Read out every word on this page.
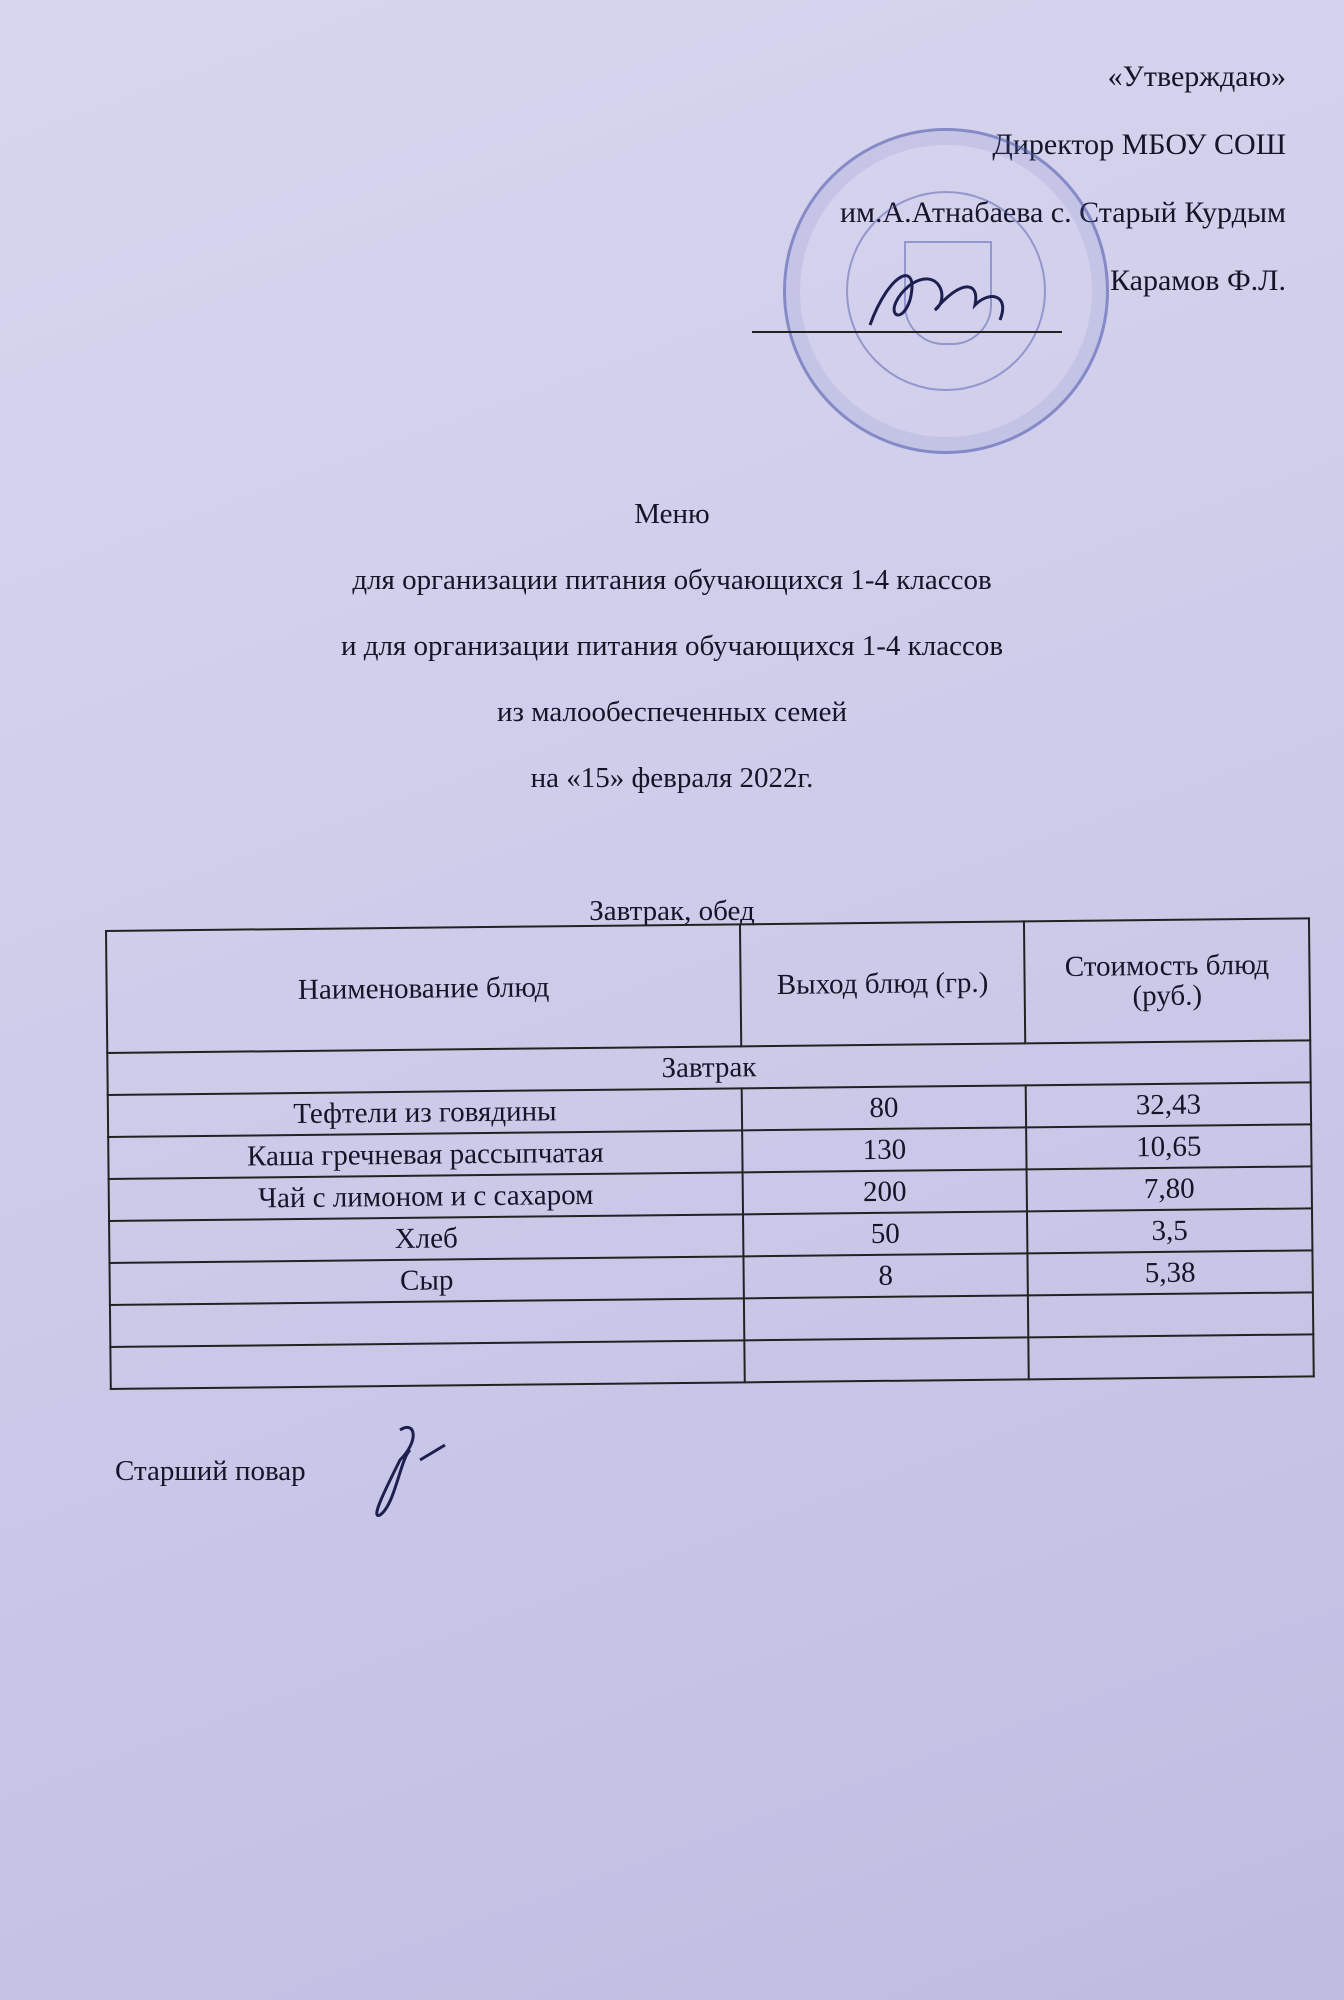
«Утверждаю»
Директор МБОУ СОШ
им.А.Атнабаева с. Старый Курдым
Карамов Ф.Л.
Меню
для организации питания обучающихся 1-4 классов
и для организации питания обучающихся 1-4 классов
из малообеспеченных семей
на «15» февраля 2022г.
Завтрак, обед
Наименование блюд	Выход блюд (гр.)	Стоимость блюд (руб.)
Завтрак		
Тефтели из говядины	80	32,43
Каша гречневая рассыпчатая	130	10,65
Чай с лимоном и с сахаром	200	7,80
Хлеб	50	3,5
Сыр	8	5,38

Старший повар
